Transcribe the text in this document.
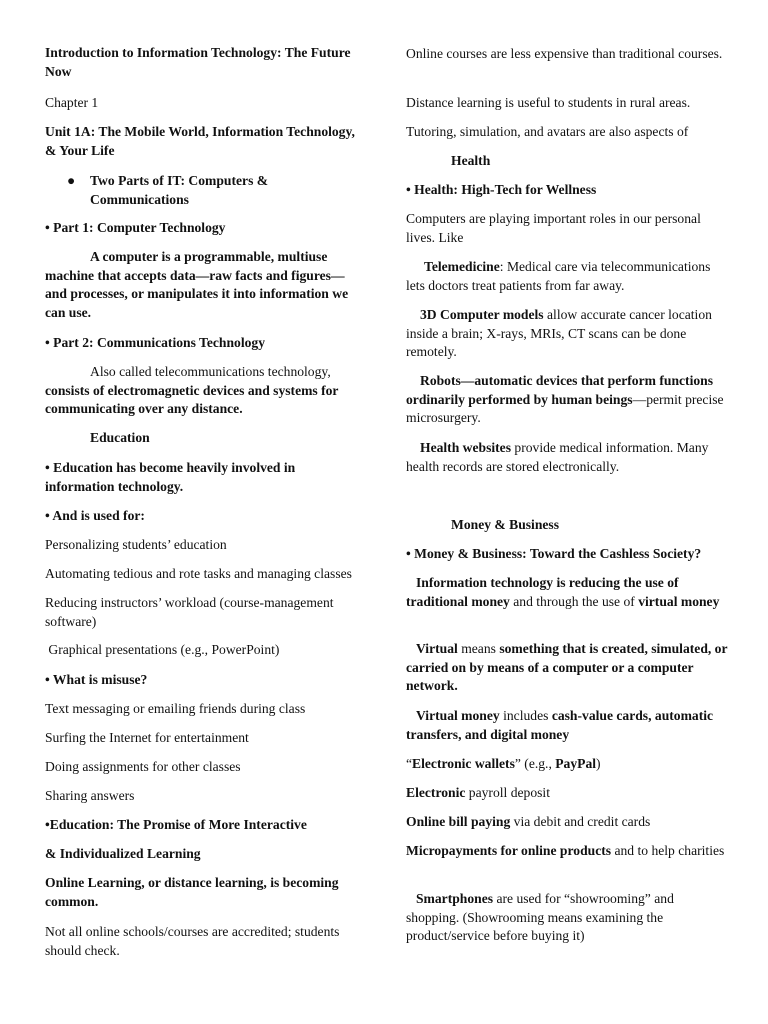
Introduction to Information Technology: The Future Now

Chapter 1

Unit 1A: The Mobile World, Information Technology, & Your Life

● Two Parts of IT: Computers & Communications

• Part 1: Computer Technology

A computer is a programmable, multiuse machine that accepts data—raw facts and figures—and processes, or manipulates it into information we can use.

• Part 2: Communications Technology

Also called telecommunications technology, consists of electromagnetic devices and systems for communicating over any distance.

Education

• Education has become heavily involved in information technology.

• And is used for:

Personalizing students’ education

Automating tedious and rote tasks and managing classes

Reducing instructors’ workload (course-management software)

Graphical presentations (e.g., PowerPoint)

• What is misuse?

Text messaging or emailing friends during class

Surfing the Internet for entertainment

Doing assignments for other classes

Sharing answers

•Education: The Promise of More Interactive

& Individualized Learning

Online Learning, or distance learning, is becoming common.

Not all online schools/courses are accredited; students should check.

Online courses are less expensive than traditional courses.

Distance learning is useful to students in rural areas.

Tutoring, simulation, and avatars are also aspects of

Health

• Health: High-Tech for Wellness

Computers are playing important roles in our personal lives. Like

Telemedicine: Medical care via telecommunications lets doctors treat patients from far away.

3D Computer models allow accurate cancer location inside a brain; X-rays, MRIs, CT scans can be done remotely.

Robots—automatic devices that perform functions ordinarily performed by human beings—permit precise microsurgery.

Health websites provide medical information. Many health records are stored electronically.

Money & Business

• Money & Business: Toward the Cashless Society?

Information technology is reducing the use of traditional money and through the use of virtual money

Virtual means something that is created, simulated, or carried on by means of a computer or a computer network.

Virtual money includes cash-value cards, automatic transfers, and digital money

“Electronic wallets” (e.g., PayPal)

Electronic payroll deposit

Online bill paying via debit and credit cards

Micropayments for online products and to help charities

Smartphones are used for “showrooming” and shopping. (Showrooming means examining the product/service before buying it)
